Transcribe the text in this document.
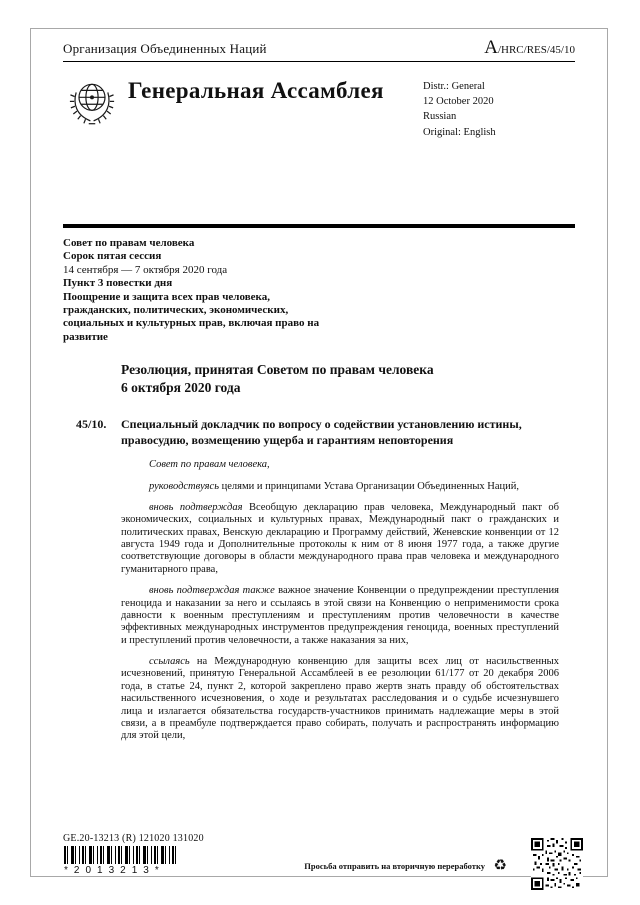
Организация Объединенных Наций	A/HRC/RES/45/10
Генеральная Ассамблея	Distr.: General
12 October 2020
Russian
Original: English
Совет по правам человека
Сорок пятая сессия
14 сентября — 7 октября 2020 года
Пункт 3 повестки дня
Поощрение и защита всех прав человека, гражданских, политических, экономических, социальных и культурных прав, включая право на развитие
Резолюция, принятая Советом по правам человека
6 октября 2020 года
45/10.	Специальный докладчик по вопросу о содействии установлению истины, правосудию, возмещению ущерба и гарантиям неповторения

Совет по правам человека,

руководствуясь целями и принципами Устава Организации Объединенных Наций,

вновь подтверждая Всеобщую декларацию прав человека, Международный пакт об экономических, социальных и культурных правах, Международный пакт о гражданских и политических правах, Венскую декларацию и Программу действий, Женевские конвенции от 12 августа 1949 года и Дополнительные протоколы к ним от 8 июня 1977 года, а также другие соответствующие договоры в области международного права прав человека и международного гуманитарного права,

вновь подтверждая также важное значение Конвенции о предупреждении преступления геноцида и наказании за него и ссылаясь в этой связи на Конвенцию о неприменимости срока давности к военным преступлениям и преступлениям против человечности в качестве эффективных международных инструментов предупреждения геноцида, военных преступлений и преступлений против человечности, а также наказания за них,

ссылаясь на Международную конвенцию для защиты всех лиц от насильственных исчезновений, принятую Генеральной Ассамблеей в ее резолюции 61/177 от 20 декабря 2006 года, в статье 24, пункт 2, которой закреплено право жертв знать правду об обстоятельствах насильственного исчезновения, о ходе и результатах расследования и о судьбе исчезнувшего лица и излагается обязательства государств-участников принимать надлежащие меры в этой связи, а в преамбуле подтверждается право собирать, получать и распространять информацию для этой цели,

GE.20-13213 (R) 121020 131020
*2013213*	Просьба отправить на вторичную переработку ♻
